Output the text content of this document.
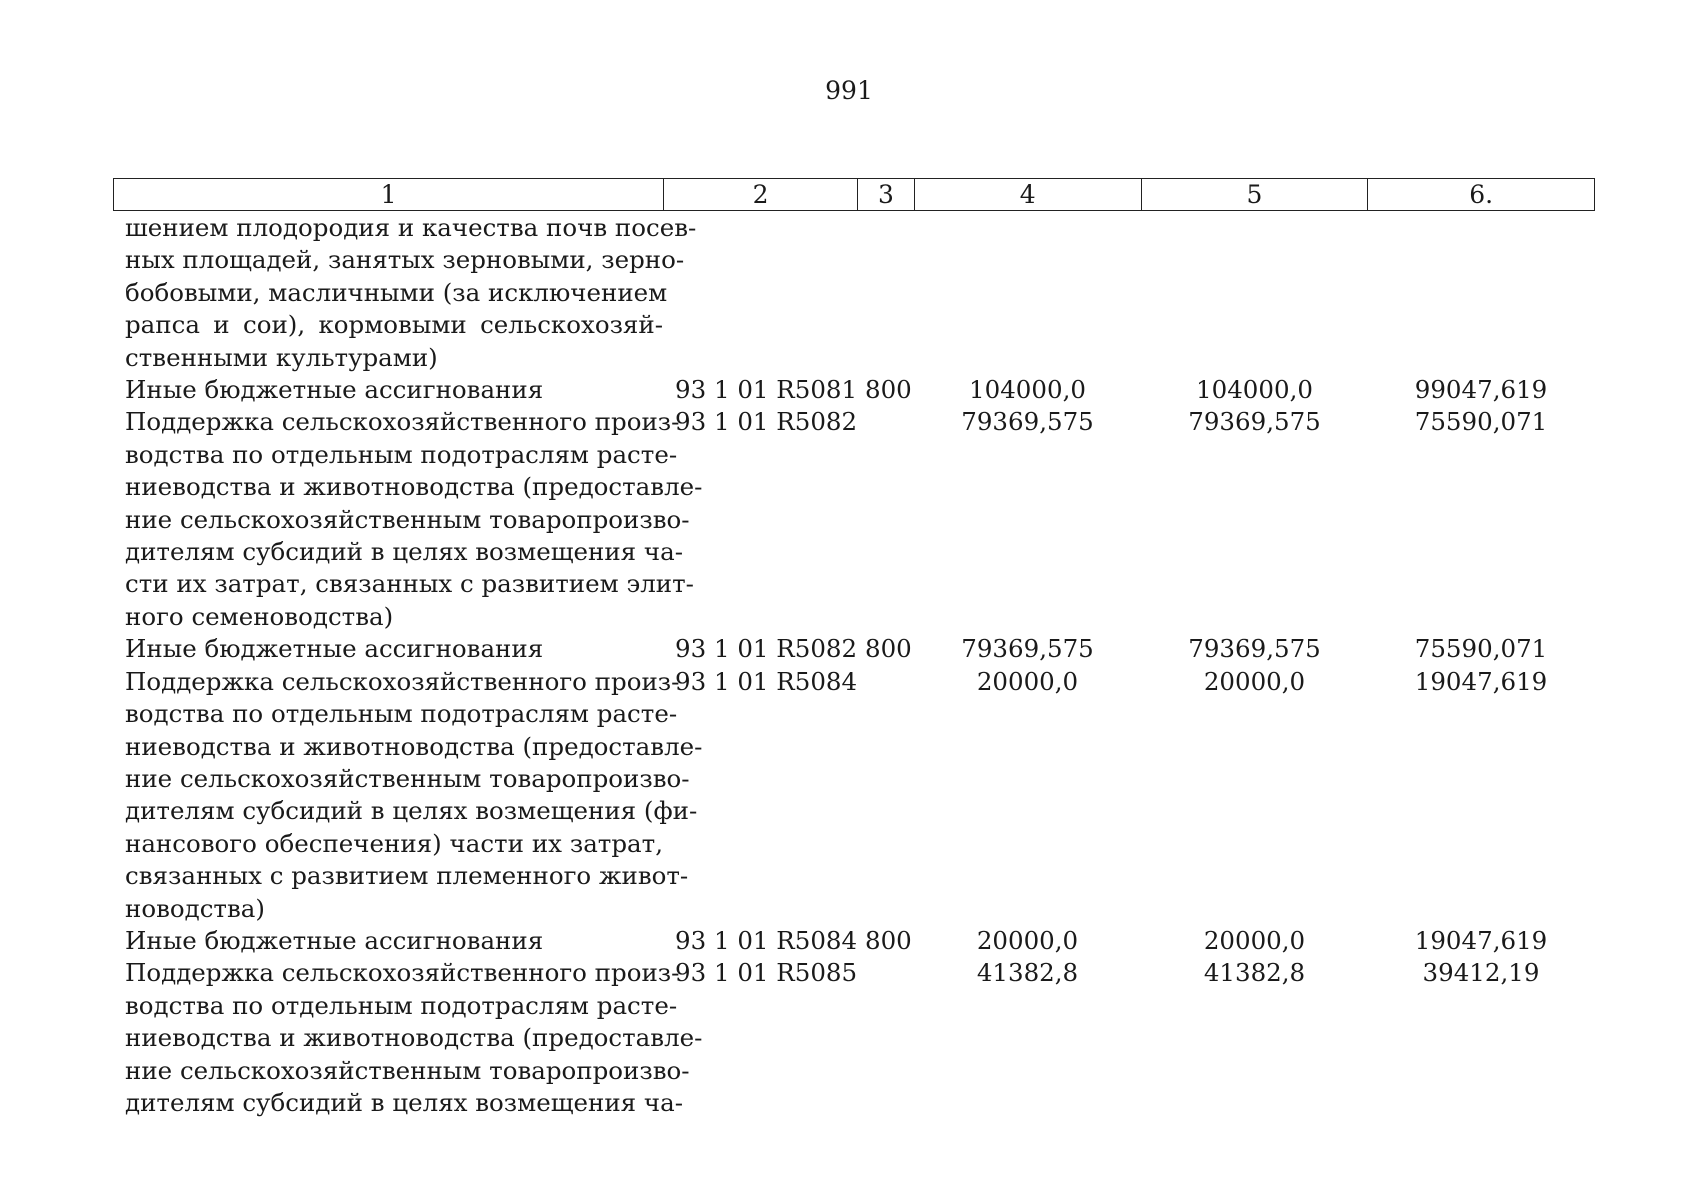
991
1	2	3	4	5	6.
шением плодородия и качества почв посев-
ных площадей, занятых зерновыми, зерно-
бобовыми, масличными (за исключением
рапса и сои), кормовыми сельскохозяй-
ственными культурами)
Иные бюджетные ассигнования	93 1 01 R5081 800	104000,0	104000,0	99047,619
Поддержка сельскохозяйственного произ-
водства по отдельным подотраслям расте-
ниеводства и животноводства (предоставле-
ние сельскохозяйственным товаропроизво-
дителям субсидий в целях возмещения ча-
сти их затрат, связанных с развитием элит-
ного семеноводства)
93 1 01 R5082	79369,575	79369,575	75590,071
Иные бюджетные ассигнования	93 1 01 R5082 800	79369,575	79369,575	75590,071
Поддержка сельскохозяйственного произ-
водства по отдельным подотраслям расте-
ниеводства и животноводства (предоставле-
ние сельскохозяйственным товаропроизво-
дителям субсидий в целях возмещения (фи-
нансового обеспечения) части их затрат,
связанных с развитием племенного живот-
новодства)
93 1 01 R5084	20000,0	20000,0	19047,619
Иные бюджетные ассигнования	93 1 01 R5084 800	20000,0	20000,0	19047,619
Поддержка сельскохозяйственного произ-
водства по отдельным подотраслям расте-
ниеводства и животноводства (предоставле-
ние сельскохозяйственным товаропроизво-
дителям субсидий в целях возмещения ча-
93 1 01 R5085	41382,8	41382,8	39412,19
